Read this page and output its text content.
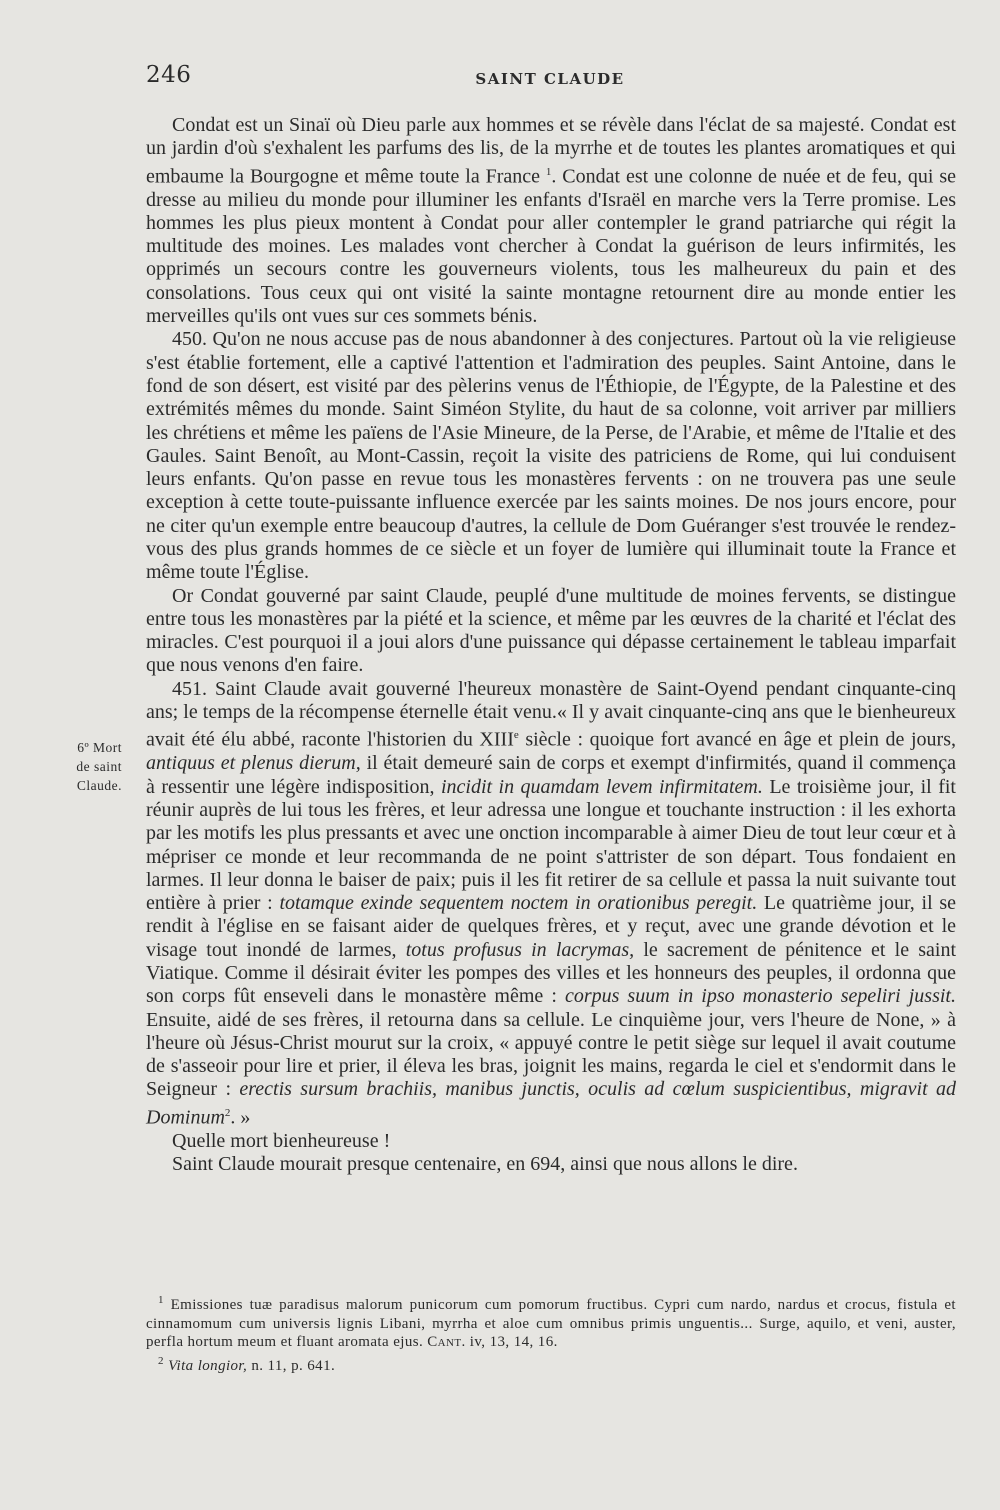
246	SAINT CLAUDE
6º Mort
de saint
Claude.

Condat est un Sinaï où Dieu parle aux hommes et se révèle dans l'éclat de sa majesté. Condat est un jardin d'où s'exhalent les parfums des lis, de la myrrhe et de toutes les plantes aromatiques et qui embaume la Bourgogne et même toute la France $^1$. Condat est une colonne de nuée et de feu, qui se dresse au milieu du monde pour illuminer les enfants d'Israël en marche vers la Terre promise. Les hommes les plus pieux montent à Condat pour aller contempler le grand patriarche qui régit la multitude des moines. Les malades vont chercher à Condat la guérison de leurs infirmités, les opprimés un secours contre les gouverneurs violents, tous les malheureux du pain et des consolations. Tous ceux qui ont visité la sainte montagne retournent dire au monde entier les merveilles qu'ils ont vues sur ces sommets bénis.

450. Qu'on ne nous accuse pas de nous abandonner à des conjectures. Partout où la vie religieuse s'est établie fortement, elle a captivé l'attention et l'admiration des peuples. Saint Antoine, dans le fond de son désert, est visité par des pèlerins venus de l'Éthiopie, de l'Égypte, de la Palestine et des extrémités mêmes du monde. Saint Siméon Stylite, du haut de sa colonne, voit arriver par milliers les chrétiens et même les païens de l'Asie Mineure, de la Perse, de l'Arabie, et même de l'Italie et des Gaules. Saint Benoît, au Mont-Cassin, reçoit la visite des patriciens de Rome, qui lui conduisent leurs enfants. Qu'on passe en revue tous les monastères fervents : on ne trouvera pas une seule exception à cette toute-puissante influence exercée par les saints moines. De nos jours encore, pour ne citer qu'un exemple entre beaucoup d'autres, la cellule de Dom Guéranger s'est trouvée le rendez-vous des plus grands hommes de ce siècle et un foyer de lumière qui illuminait toute la France et même toute l'Église.

Or Condat gouverné par saint Claude, peuplé d'une multitude de moines fervents, se distingue entre tous les monastères par la piété et la science, et même par les œuvres de la charité et l'éclat des miracles. C'est pourquoi il a joui alors d'une puissance qui dépasse certainement le tableau imparfait que nous venons d'en faire.

451. Saint Claude avait gouverné l'heureux monastère de Saint-Oyend pendant cinquante-cinq ans; le temps de la récompense éternelle était venu.« Il y avait cinquante-cinq ans que le bienheureux avait été élu abbé, raconte l'historien du XIIIe siècle : quoique fort avancé en âge et plein de jours, antiquus et plenus dierum, il était demeuré sain de corps et exempt d'infirmités, quand il commença à ressentir une légère indisposition, incidit in quamdam levem infirmitatem. Le troisième jour, il fit réunir auprès de lui tous les frères, et leur adressa une longue et touchante instruction : il les exhorta par les motifs les plus pressants et avec une onction incomparable à aimer Dieu de tout leur cœur et à mépriser ce monde et leur recommanda de ne point s'attrister de son départ. Tous fondaient en larmes. Il leur donna le baiser de paix; puis il les fit retirer de sa cellule et passa la nuit suivante tout entière à prier : totamque exinde sequentem noctem in orationibus peregit. Le quatrième jour, il se rendit à l'église en se faisant aider de quelques frères, et y reçut, avec une grande dévotion et le visage tout inondé de larmes, totus profusus in lacrymas, le sacrement de pénitence et le saint Viatique. Comme il désirait éviter les pompes des villes et les honneurs des peuples, il ordonna que son corps fût enseveli dans le monastère même : corpus suum in ipso monasterio sepeliri jussit. Ensuite, aidé de ses frères, il retourna dans sa cellule. Le cinquième jour, vers l'heure de None, » à l'heure où Jésus-Christ mourut sur la croix, « appuyé contre le petit siège sur lequel il avait coutume de s'asseoir pour lire et prier, il éleva les bras, joignit les mains, regarda le ciel et s'endormit dans le Seigneur : erectis sursum brachiis, manibus junctis, oculis ad cœlum suspicientibus, migravit ad Dominum$^2$. »

Quelle mort bienheureuse !

Saint Claude mourait presque centenaire, en 694, ainsi que nous allons le dire.

$^1$ Emissiones tuæ paradisus malorum punicorum cum pomorum fructibus. Cypri cum nardo, nardus et crocus, fistula et cinnamomum cum universis lignis Libani, myrrha et aloe cum omnibus primis unguentis... Surge, aquilo, et veni, auster, perfla hortum meum et fluant aromata ejus. Cant. iv, 13, 14, 16.

$^2$ Vita longior, n. 11, p. 641.
